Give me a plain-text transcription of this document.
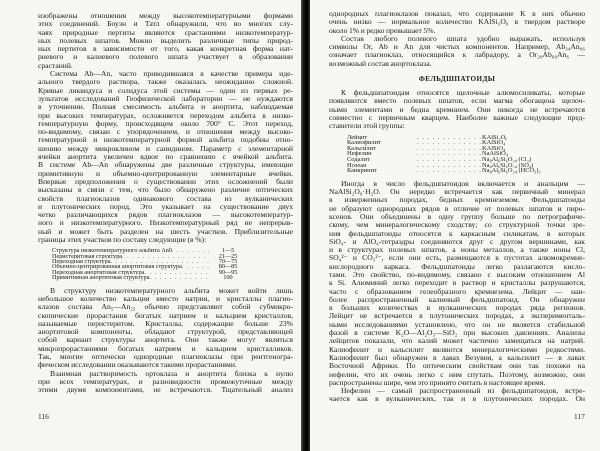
изображены отношения между высокотемпературными формами
этих соединений. Боуэн и Татл обнаружили, что во многих слу-
чаях природные пертиты являются срастаниями низкотемператур-
ных полевых шпатов. Можно выделить различные типы природ-
ных пертитов в зависимости от того, какая конкретная форма нат-
риевого и калиевого полевого шпата участвует в образовании
срастаний.
Система Ab—An, часто приводившаяся в качестве примера иде-
ального твердого раствора, также оказалась неожиданно сложной.
Кривые ликвидуса и солидуса этой системы — один из первых ре-
зультатов исследований Геофизической лаборатории — не нуждаются
в уточнении. Полная смесимость альбита и анортита, наблюдаемая
при высоких температурах, осложняется переходом альбита в низко-
температурную форму, происходящем около 700° С. Этот переход,
по-видимому, связан с упорядочением, и отношения между высоко-
температурной и низкотемпературной формой альбита подобны отно-
шению между микроклином и санидином. Параметр c элементарной
ячейки анортита увеличен вдвое по сравнению с ячейкой альбита.
В системе Ab—An обнаружены две различные структуры, имеющие
примитивную и объемно-центрированную элементарные ячейки.
Впервые предположения о существовании этих осложнений были
высказаны в связи с тем, что было обнаружено различие оптических
свойств плагиоклазов одинакового состава из вулканических
и плутонических пород. Это указывает на существование двух
четко различающихся рядов плагиоклазов — высокотемператур-
ного и низкотемпературного. Низкотемпературный ряд не непрерыв-
ный и может быть разделен на шесть участков. Приблизительные
границы этих участков по составу следующие (в %):
Структура низкотемпературного альбита An0 . . .	1—5
Перистеритовая структура . . .	21—25
Переходная структура . . .	70—75
Объемно-центрированная анортитовая структура . . .	80—85
Переходная анортитовая структура . . .	90—95
Примитивная анортитовая структура . . .	100
В структуру низкотемпературного альбита может войти лишь
небольшое количество кальция вместо натрия, и кристаллы плагио-
клазов состава An₅—An₂₅ обычно представляют собой субмикро-
скопические прорастания богатых натрием и кальцием кристаллов,
называемые перистеритом. Кристаллы, содержащие больше 23%
анортитовой компоненты, обладают структурой, представляющей
собой вариант структуры анортита. Они также могут являться
микропрорастаниями богатых натрием и кальцием кристалликов.
Так, многие оптически однородные плагиоклазы при рентгеногра-
фическом исследовании оказываются такими прорастаниями.
Взаимная растворимость ортоклаза и анортита близка к нулю
при всех температурах, и разновидности промежуточные между
этими двумя компонентами, не встречаются. Тщательный анализ
116
однородных плагиоклазов показал, что содержание K в них обычно
очень низко — нормальное количество KAlSi₃O₈ в твердом растворе
около 1% и редко превышает 5%.
Состав любого полевого шпата удобно выражать, используя
символы Or, Ab и An для чистых компонентов. Например, Ab₃₄An₆₆
означает плагиоклаз, относящийся к лабрадору, а Or₂₈Ab₆₆An₆ —
возможный состав анортоклаза.
ФЕЛЬДШПАТОИДЫ
К фельдшпатоидам относятся щелочные алюмосиликаты, которые
появляются вместо полевых шпатов, если магма обогащена щелоч-
ными элементами и бедна кремнием. Они никогда не встречаются
совместно с первичным кварцем. Наиболее важные следующие пред-
ставители этой группы:
Лейцит . . .	KAlSi₂O₆
Калиофилит . . .	KAlSiO₄
Кальсилит . . .	KAlSiO₄
Нефелин . . .	NaAlSiO₄
Содалит . . .	Na₈Al₆Si₆O₂₄ (Cl₂)
Нозеан . . .	Na₈Al₆Si₆O₂₄ (SO₄)
Канкринит . . .	Na₈Al₆Si₆O₂₄ (HCO₃)₂
Иногда в число фельдшпатоидов включается и анальцим —
NaAlSi₂O₆·H₂O. Он нередко встречается как первичный минерал
в изверженных породах, бедных кремнеземом. Фельдшпатоиды
не образуют однородных рядов в отличие от полевых шпатов и пиро-
ксенов. Они объединены в одну группу больше по петрографиче-
скому, чем минералогическому сходству; со структурной точки зре-
ния фельдшпатоиды относятся к каркасным силикатам, в которых
SiO₄- и AlO₄-тетраэдры соединяются друг с другом вершинами, как
и в структурах полевых шпатов, а ионы металлов, а также ионы Cl,
SO₄²⁻ и CO₃²⁻, если они есть, размещаются в пустотах алюмокремне-
кислородного каркаса. Фельдшпатоиды легко разлагаются кисло-
тами. Это свойство, по-видимому, связано с высоким отношением Al
к Si. Алюминий легко переходит в раствор и кристаллы разрушаются,
часто с образованием гелеобразного кремнезема. Лейцит — наи-
более распространенный калиевый фельдшпатоид. Он обнаружен
в больших количествах в вулканических породах ряда регионов.
Лейцит не встречается в плутонических породах, а эксперименталь-
ными исследованиями установлено, что он не является стабильной
фазой в системе K₂O—Al₂O₃—SiO₂ при высоких давлениях. Анализы
лейцитов показали, что калий может частично замещаться на натрий.
Калиофилит и кальсилит являются минералогическими редкостями.
Калиофилит был обнаружен в лавах Везувия, а кальсилит — в лавах
Восточной Африки. По оптическим свойствам они так похожи на
нефелин, что их очень легко с ним спутать. Поэтому, возможно, они
распространены шире, чем это принято считать в настоящее время.
Нефелин — самый распространенный из фельдшпатоидов, встре-
чается как в вулканических, так и в плутонических породах. Он
117
